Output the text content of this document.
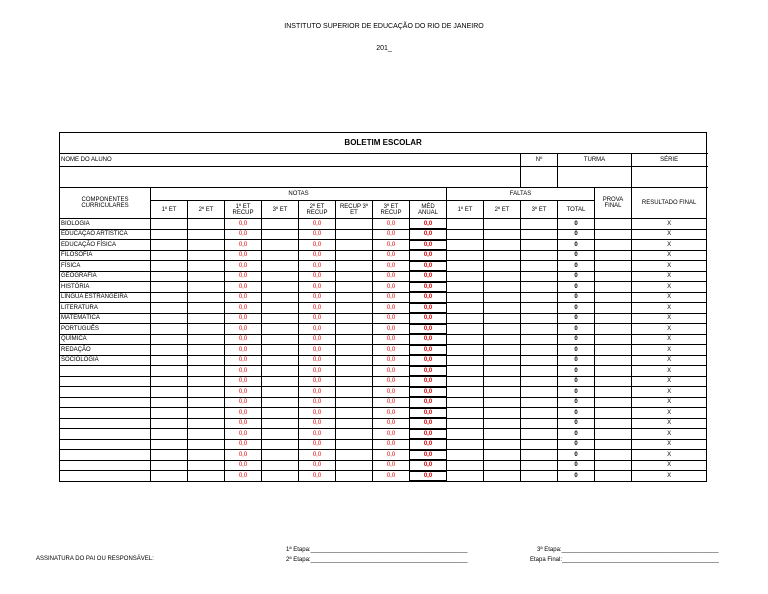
INSTITUTO SUPERIOR DE EDUCAÇÃO DO RIO DE JANEIRO
201_
BOLETIM ESCOLAR															
NOME DO ALUNO											Nº	TURMA		SÉRIE	

COMPONENTES CURRICULARES	NOTAS								FALTAS				PROVA FINAL	RESULTADO FINAL	
	1º ET	2º ET	1º ET RECUP	3º ET	2º ET RECUP	RECUP 3º ET	3º ET RECUP	MÉD ANUAL	1º ET	2º ET	3º ET	TOTAL			
BIOLOGIA			0,0		0,0		0,0	0,0				0		X	
EDUCAÇÃO ARTÍSTICA			0,0		0,0		0,0	0,0				0		X	
EDUCAÇÃO FÍSICA			0,0		0,0		0,0	0,0				0		X	
FILOSOFIA			0,0		0,0		0,0	0,0				0		X	
FÍSICA			0,0		0,0		0,0	0,0				0		X	
GEOGRAFIA			0,0		0,0		0,0	0,0				0		X	
HISTÓRIA			0,0		0,0		0,0	0,0				0		X	
LÍNGUA ESTRANGEIRA			0,0		0,0		0,0	0,0				0		X	
LITERATURA			0,0		0,0		0,0	0,0				0		X	
MATEMÁTICA			0,0		0,0		0,0	0,0				0		X	
PORTUGUÊS			0,0		0,0		0,0	0,0				0		X	
QUÍMICA			0,0		0,0		0,0	0,0				0		X	
REDAÇÃO			0,0		0,0		0,0	0,0				0		X	
SOCIOLOGIA			0,0		0,0		0,0	0,0				0		X	
			0,0		0,0		0,0	0,0				0		X	
			0,0		0,0		0,0	0,0				0		X	
			0,0		0,0		0,0	0,0				0		X	
			0,0		0,0		0,0	0,0				0		X	
			0,0		0,0		0,0	0,0				0		X	
			0,0		0,0		0,0	0,0				0		X	
			0,0		0,0		0,0	0,0				0		X	
			0,0		0,0		0,0	0,0				0		X	
			0,0		0,0		0,0	0,0				0		X	
			0,0		0,0		0,0	0,0				0		X	
			0,0		0,0		0,0	0,0				0		X	
ASSINATURA DO PAI OU RESPONSÁVEL:
1ª Etapa:_______________________________________________
2ª Etapa:_______________________________________________
3ª Etapa:_______________________________________________
Etapa Final:_______________________________________________
